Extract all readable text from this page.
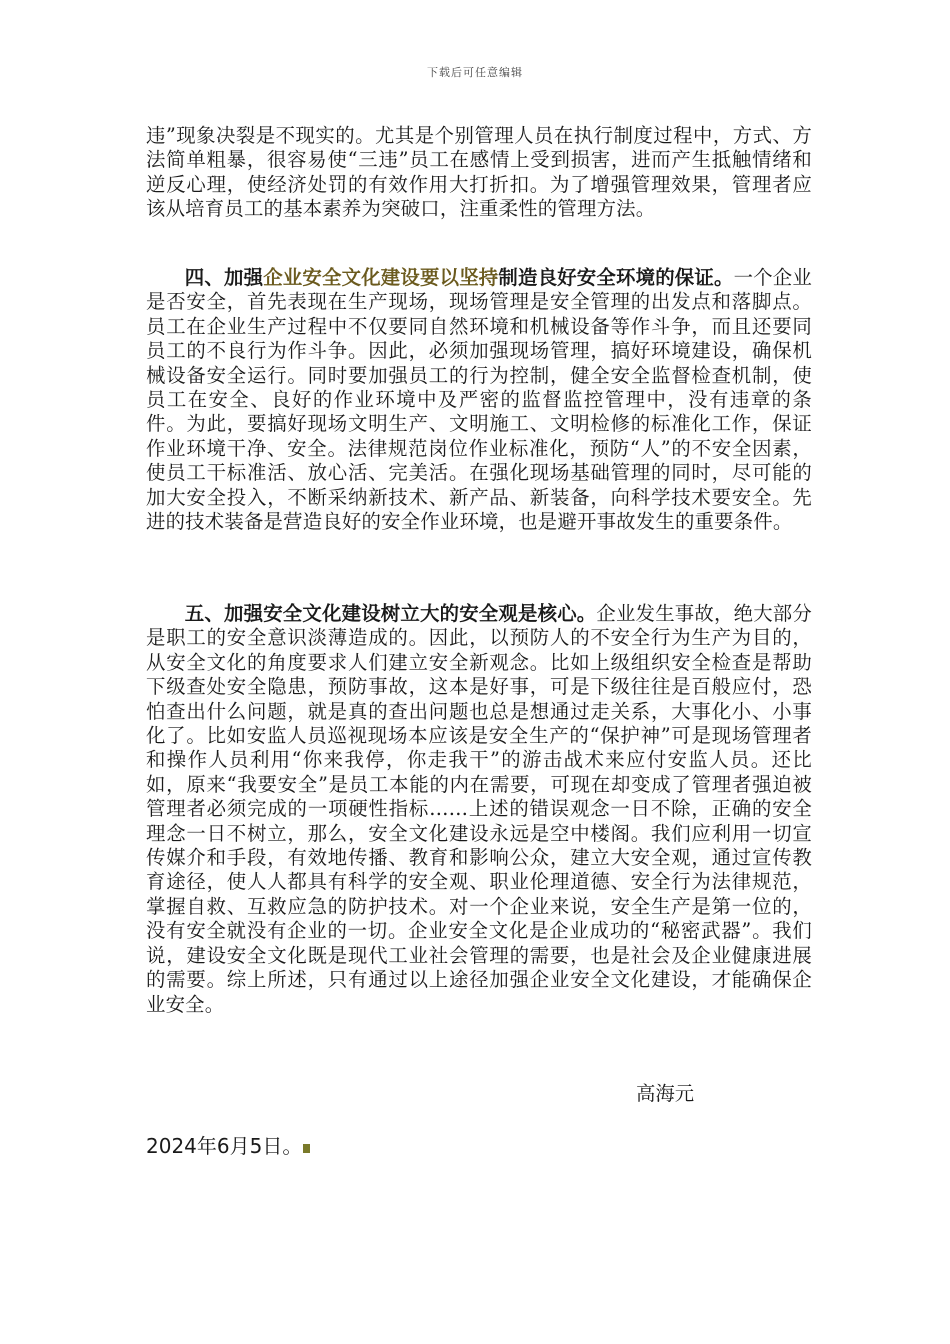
下载后可任意编辑
违”现象决裂是不现实的。尤其是个别管理人员在执行制度过程中，方式、方法简单粗暴，很容易使“三违”员工在感情上受到损害，进而产生抵触情绪和逆反心理，使经济处罚的有效作用大打折扣。为了增强管理效果，管理者应该从培育员工的基本素养为突破口，注重柔性的管理方法。
四、加强企业安全文化建设要以坚持制造良好安全环境的保证。一个企业是否安全，首先表现在生产现场，现场管理是安全管理的出发点和落脚点。员工在企业生产过程中不仅要同自然环境和机械设备等作斗争，而且还要同员工的不良行为作斗争。因此，必须加强现场管理，搞好环境建设，确保机械设备安全运行。同时要加强员工的行为控制，健全安全监督检查机制，使员工在安全、良好的作业环境中及严密的监督监控管理中，没有违章的条件。为此，要搞好现场文明生产、文明施工、文明检修的标准化工作，保证作业环境干净、安全。法律规范岗位作业标准化，预防“人”的不安全因素，使员工干标准活、放心活、完美活。在强化现场基础管理的同时，尽可能的加大安全投入，不断采纳新技术、新产品、新装备，向科学技术要安全。先进的技术装备是营造良好的安全作业环境，也是避开事故发生的重要条件。
五、加强安全文化建设树立大的安全观是核心。企业发生事故，绝大部分是职工的安全意识淡薄造成的。因此，以预防人的不安全行为生产为目的，从安全文化的角度要求人们建立安全新观念。比如上级组织安全检查是帮助下级查处安全隐患，预防事故，这本是好事，可是下级往往是百般应付，恐怕查出什么问题，就是真的查出问题也总是想通过走关系，大事化小、小事化了。比如安监人员巡视现场本应该是安全生产的“保护神”可是现场管理者和操作人员利用“你来我停，你走我干”的游击战术来应付安监人员。还比如，原来“我要安全”是员工本能的内在需要，可现在却变成了管理者强迫被管理者必须完成的一项硬性指标……上述的错误观念一日不除，正确的安全理念一日不树立，那么，安全文化建设永远是空中楼阁。我们应利用一切宣传媒介和手段，有效地传播、教育和影响公众，建立大安全观，通过宣传教育途径，使人人都具有科学的安全观、职业伦理道德、安全行为法律规范，掌握自救、互救应急的防护技术。对一个企业来说，安全生产是第一位的，没有安全就没有企业的一切。企业安全文化是企业成功的“秘密武器”。我们说，建设安全文化既是现代工业社会管理的需要，也是社会及企业健康进展的需要。综上所述，只有通过以上途径加强企业安全文化建设，才能确保企业安全。
高海元
2024年6月5日。
